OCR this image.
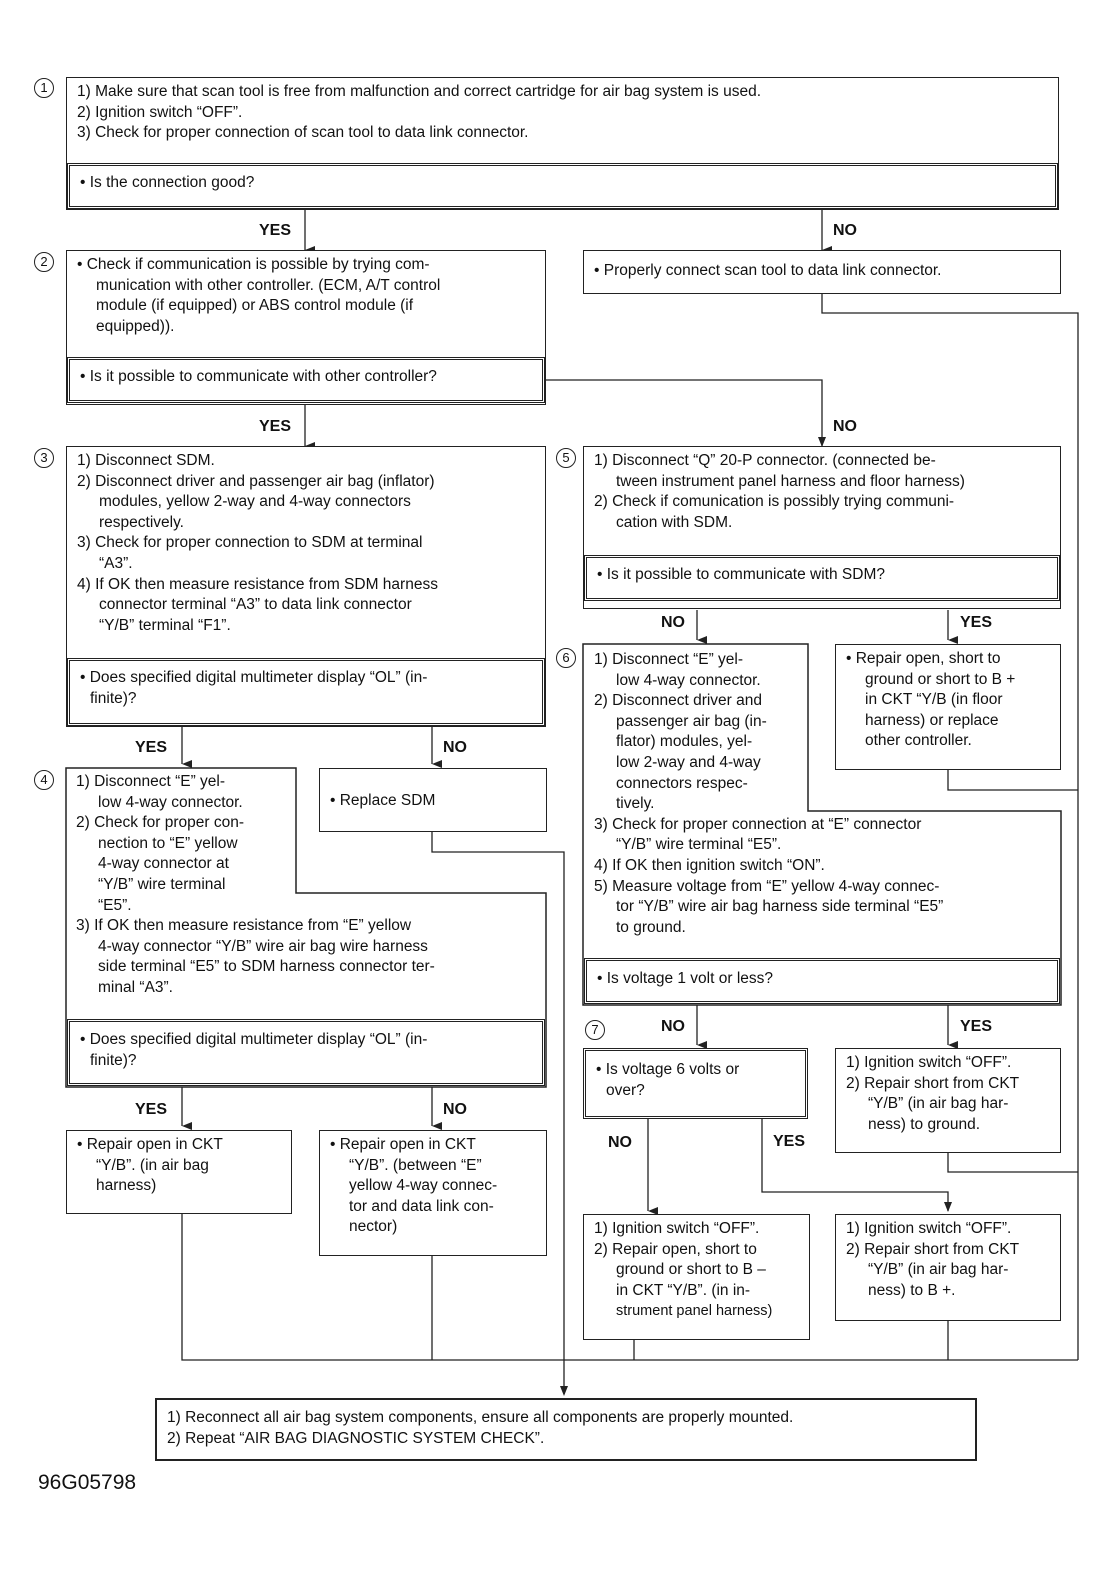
1	1) Make sure that scan tool is free from malfunction and correct cartridge for air bag system is used.
2) Ignition switch “OFF”.
3) Check for proper connection of scan tool to data link connector.
• Is the connection good?
YES	NO
• Properly connect scan tool to data link connector.
2	• Check if communication is possible by trying com-
munication with other controller. (ECM, A/T control
module (if equipped) or ABS control module (if
equipped)).
• Is it possible to communicate with other controller?
YES	NO
3	1) Disconnect SDM.
2) Disconnect driver and passenger air bag (inflator)
modules, yellow 2-way and 4-way connectors
respectively.
3) Check for proper connection to SDM at terminal
“A3”.
4) If OK then measure resistance from SDM harness
connector terminal “A3” to data link connector
“Y/B” terminal “F1”.
• Does specified digital multimeter display “OL” (in-
finite)?
YES	NO
• Replace SDM
4	1) Disconnect “E” yel-
low 4-way connector.
2) Check for proper con-
nection to “E” yellow
4-way connector at
“Y/B” wire terminal
“E5”.
3) If OK then measure resistance from “E” yellow
4-way connector “Y/B” wire air bag wire harness
side terminal “E5” to SDM harness connector ter-
minal “A3”.
• Does specified digital multimeter display “OL” (in-
finite)?
YES	NO
• Repair open in CKT
“Y/B”. (in air bag
harness)
• Repair open in CKT
“Y/B”. (between “E”
yellow 4-way connec-
tor and data link con-
nector)
5	1) Disconnect “Q” 20-P connector. (connected be-
tween instrument panel harness and floor harness)
2) Check if comunication is possibly trying communi-
cation with SDM.
• Is it possible to communicate with SDM?
NO	YES
• Repair open, short to
ground or short to B +
in CKT “Y/B (in floor
harness) or replace
other controller.
6	1) Disconnect “E” yel-
low 4-way connector.
2) Disconnect driver and
passenger air bag (in-
flator) modules, yel-
low 2-way and 4-way
connectors respec-
tively.
3) Check for proper connection at “E” connector
“Y/B” wire terminal “E5”.
4) If OK then ignition switch “ON”.
5) Measure voltage from “E” yellow 4-way connec-
tor “Y/B” wire air bag harness side terminal “E5”
to ground.
• Is voltage 1 volt or less?
NO	YES
1) Ignition switch “OFF”.
2) Repair short from CKT
“Y/B” (in air bag har-
ness) to ground.
7
• Is voltage 6 volts or
over?
NO	YES
1) Ignition switch “OFF”.
2) Repair open, short to
ground or short to B –
in CKT “Y/B”. (in in-
strument panel harness)
1) Ignition switch “OFF”.
2) Repair short from CKT
“Y/B” (in air bag har-
ness) to B +.
1) Reconnect all air bag system components, ensure all components are properly mounted.
2) Repeat “AIR BAG DIAGNOSTIC SYSTEM CHECK”.
96G05798
